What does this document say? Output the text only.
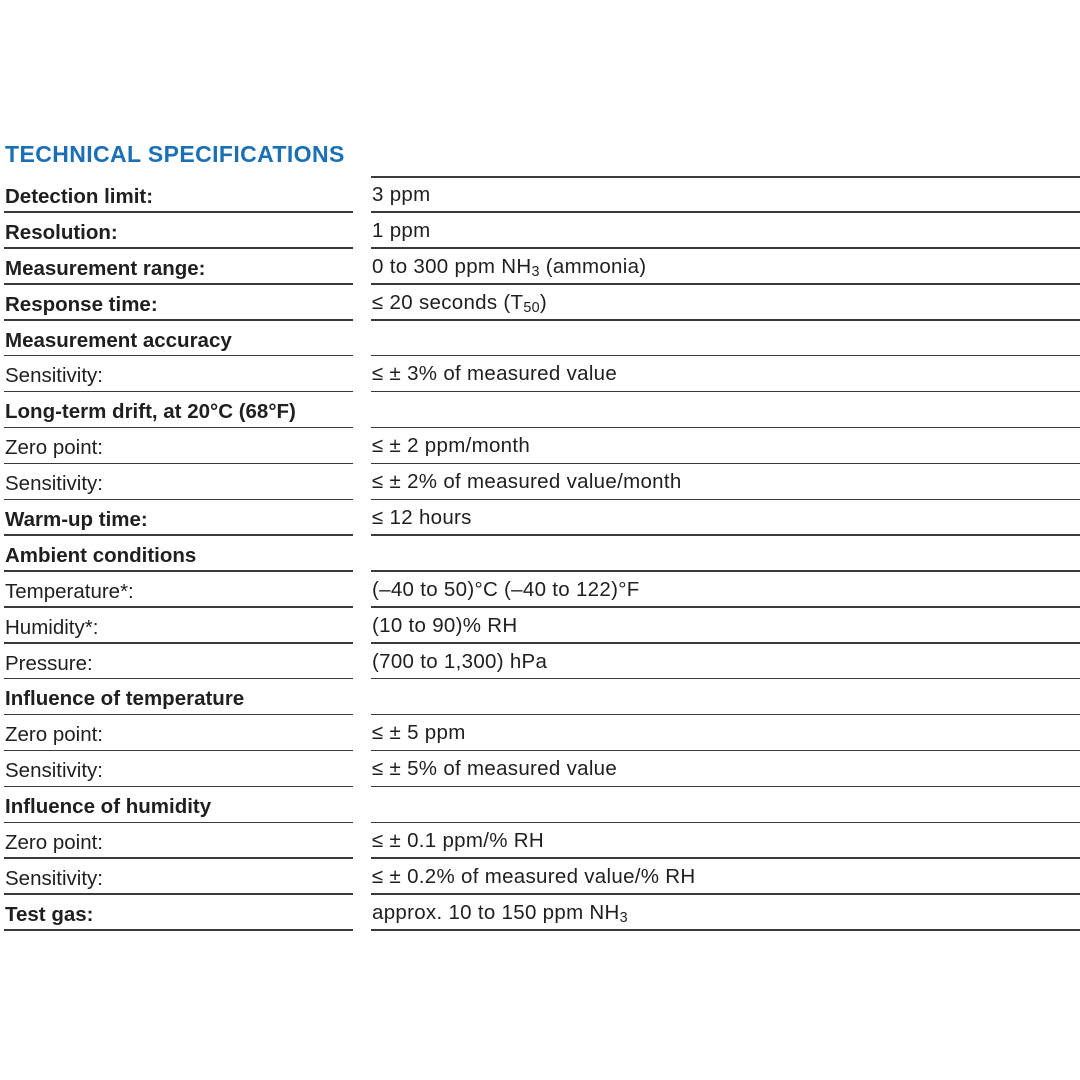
TECHNICAL SPECIFICATIONS
Detection limit:	3 ppm
Resolution:	1 ppm
Measurement range:	0 to 300 ppm $NH_3$ (ammonia)
Response time:	≤ 20 seconds $(T_{50})$
Measurement accuracy
Sensitivity:	≤ ± 3% of measured value
Long-term drift, at 20°C (68°F)
Zero point:	≤ ± 2 ppm/month
Sensitivity:	≤ ± 2% of measured value/month
Warm-up time:	≤ 12 hours
Ambient conditions
Temperature*:	(–40 to 50)°C (–40 to 122)°F
Humidity*:	(10 to 90)% RH
Pressure:	(700 to 1,300) hPa
Influence of temperature
Zero point:	≤ ± 5 ppm
Sensitivity:	≤ ± 5% of measured value
Influence of humidity
Zero point:	≤ ± 0.1 ppm/% RH
Sensitivity:	≤ ± 0.2% of measured value/% RH
Test gas:	approx. 10 to 150 ppm $NH_3$
